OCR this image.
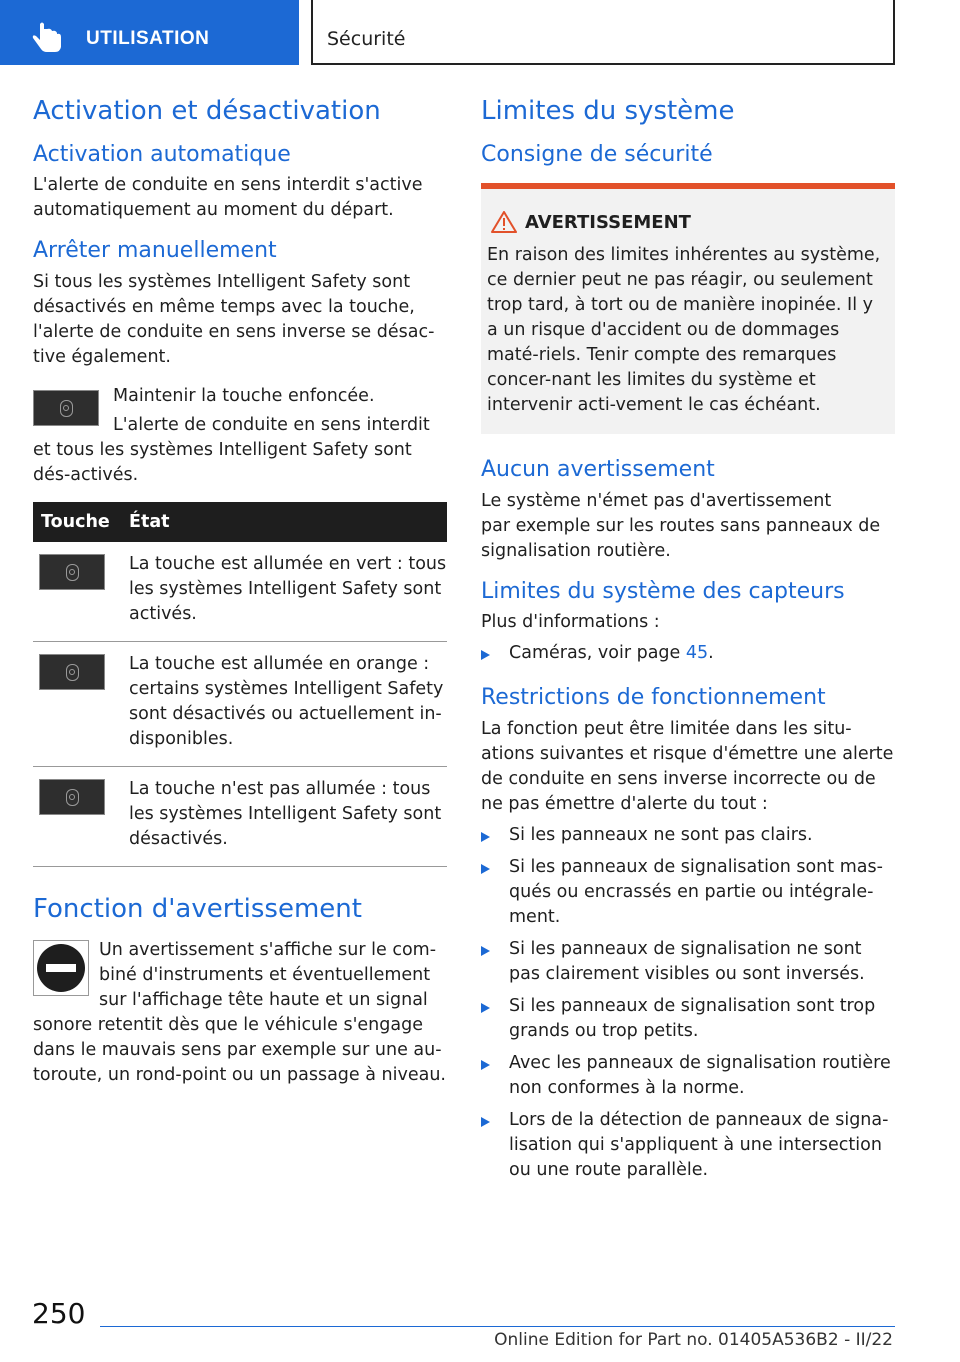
UTILISATION	Sécurité
Activation et désactivation
Activation automatique

L'alerte de conduite en sens interdit s'active automatiquement au moment du départ.

Arrêter manuellement

Si tous les systèmes Intelligent Safety sont désactivés en même temps avec la touche, l'alerte de conduite en sens inverse se désac-tive également.

Maintenir la touche enfoncée.

L'alerte de conduite en sens interdit et tous les systèmes Intelligent Safety sont dés-activés.

Touche	État

	La touche est allumée en vert : tous les systèmes Intelligent Safety sont activés.

	La touche est allumée en orange : certains systèmes Intelligent Safety sont désactivés ou actuellement in-disponibles.

	La touche n'est pas allumée : tous les systèmes Intelligent Safety sont désactivés.
Fonction d'avertissement

Un avertissement s'affiche sur le com-biné d'instruments et éventuellement sur l'affichage tête haute et un signal sonore retentit dès que le véhicule s'engage dans le mauvais sens par exemple sur une au-toroute, un rond-point ou un passage à niveau.

Limites du système
Consigne de sécurité
AVERTISSEMENT

En raison des limites inhérentes au système, ce dernier peut ne pas réagir, ou seulement trop tard, à tort ou de manière inopinée. Il y a un risque d'accident ou de dommages maté-riels. Tenir compte des remarques concer-nant les limites du système et intervenir acti-vement le cas échéant.

Aucun avertissement

Le système n'émet pas d'avertissement

par exemple sur les routes sans panneaux de signalisation routière.

Limites du système des capteurs

Plus d'informations :

Caméras, voir page 45.
Restrictions de fonctionnement

La fonction peut être limitée dans les situ-ations suivantes et risque d'émettre une alerte de conduite en sens inverse incorrecte ou de ne pas émettre d'alerte du tout :

Si les panneaux ne sont pas clairs.
Si les panneaux de signalisation sont mas-qués ou encrassés en partie ou intégrale-ment.
Si les panneaux de signalisation ne sont pas clairement visibles ou sont inversés.
Si les panneaux de signalisation sont trop grands ou trop petits.
Avec les panneaux de signalisation routière non conformes à la norme.
Lors de la détection de panneaux de signa-lisation qui s'appliquent à une intersection ou une route parallèle.
250
Online Edition for Part no. 01405A536B2 - II/22
